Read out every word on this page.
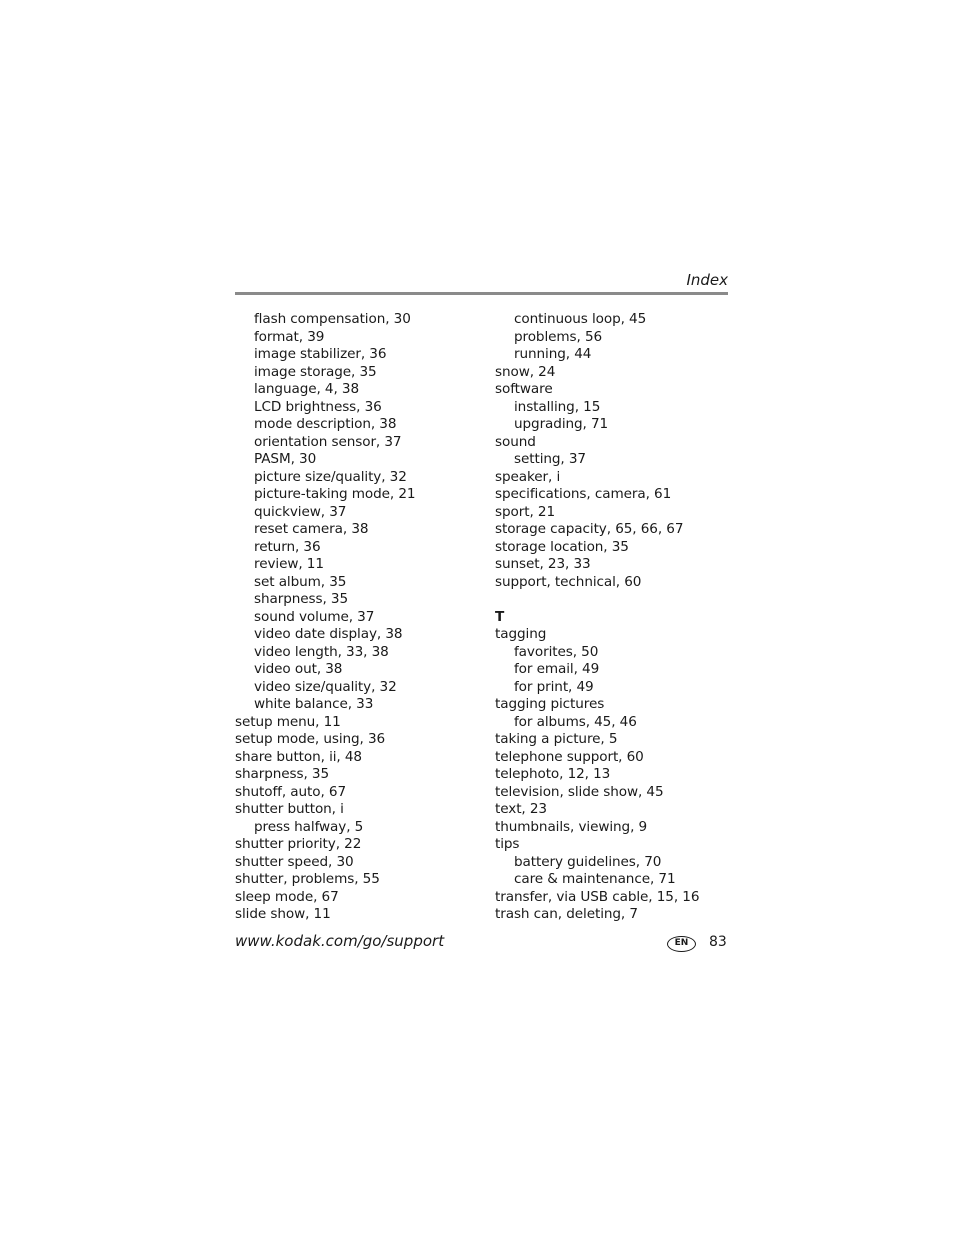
Index
flash compensation, 30
format, 39
image stabilizer, 36
image storage, 35
language, 4, 38
LCD brightness, 36
mode description, 38
orientation sensor, 37
PASM, 30
picture size/quality, 32
picture-taking mode, 21
quickview, 37
reset camera, 38
return, 36
review, 11
set album, 35
sharpness, 35
sound volume, 37
video date display, 38
video length, 33, 38
video out, 38
video size/quality, 32
white balance, 33
setup menu, 11
setup mode, using, 36
share button, ii, 48
sharpness, 35
shutoff, auto, 67
shutter button, i
press halfway, 5
shutter priority, 22
shutter speed, 30
shutter, problems, 55
sleep mode, 67
slide show, 11
continuous loop, 45
problems, 56
running, 44
snow, 24
software
installing, 15
upgrading, 71
sound
setting, 37
speaker, i
specifications, camera, 61
sport, 21
storage capacity, 65, 66, 67
storage location, 35
sunset, 23, 33
support, technical, 60
T
tagging
favorites, 50
for email, 49
for print, 49
tagging pictures
for albums, 45, 46
taking a picture, 5
telephone support, 60
telephoto, 12, 13
television, slide show, 45
text, 23
thumbnails, viewing, 9
tips
battery guidelines, 70
care & maintenance, 71
transfer, via USB cable, 15, 16
trash can, deleting, 7
www.kodak.com/go/support	EN	83
